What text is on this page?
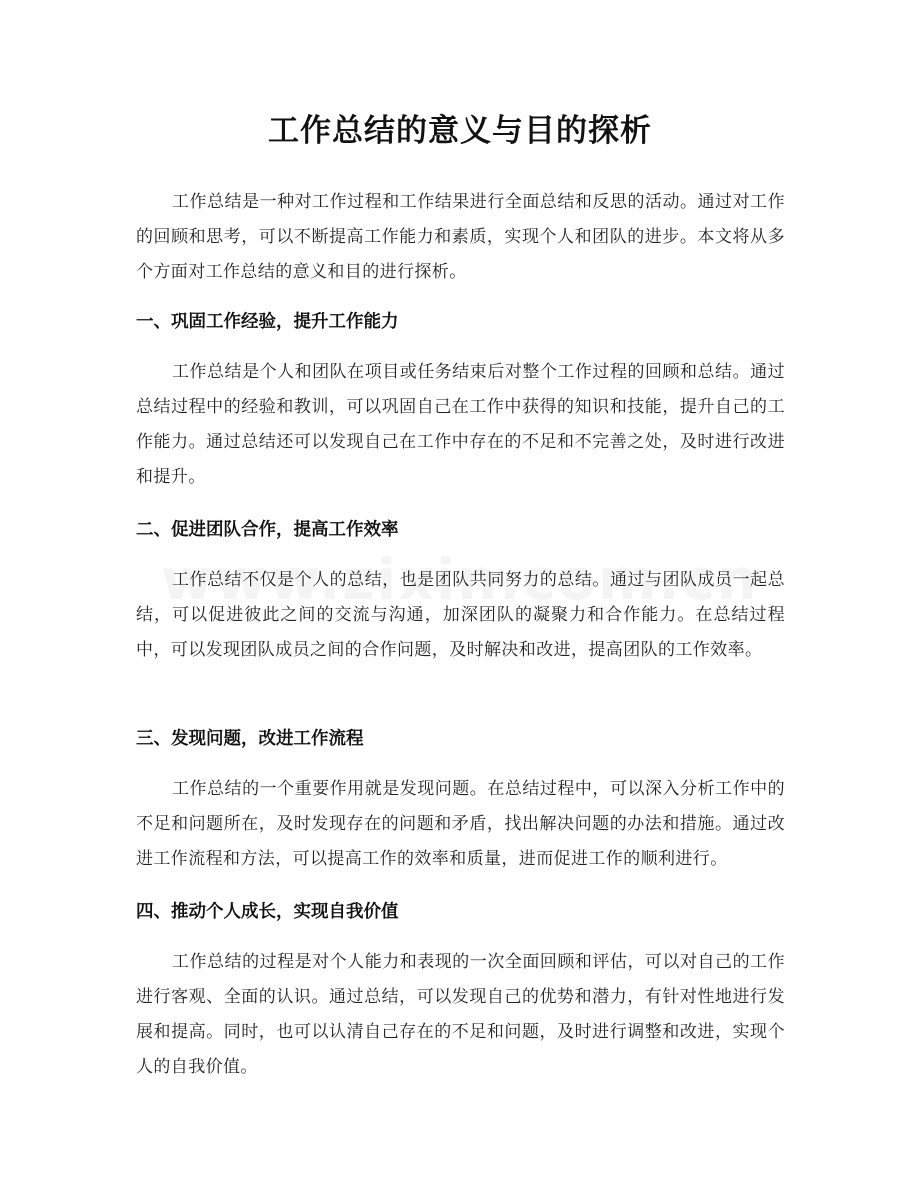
工作总结的意义与目的探析

工作总结是一种对工作过程和工作结果进行全面总结和反思的活动。通过对工作的回顾和思考，可以不断提高工作能力和素质，实现个人和团队的进步。本文将从多个方面对工作总结的意义和目的进行探析。

一、巩固工作经验，提升工作能力

工作总结是个人和团队在项目或任务结束后对整个工作过程的回顾和总结。通过总结过程中的经验和教训，可以巩固自己在工作中获得的知识和技能，提升自己的工作能力。通过总结还可以发现自己在工作中存在的不足和不完善之处，及时进行改进和提升。

二、促进团队合作，提高工作效率

工作总结不仅是个人的总结，也是团队共同努力的总结。通过与团队成员一起总结，可以促进彼此之间的交流与沟通，加深团队的凝聚力和合作能力。在总结过程中，可以发现团队成员之间的合作问题，及时解决和改进，提高团队的工作效率。

三、发现问题，改进工作流程

工作总结的一个重要作用就是发现问题。在总结过程中，可以深入分析工作中的不足和问题所在，及时发现存在的问题和矛盾，找出解决问题的办法和措施。通过改进工作流程和方法，可以提高工作的效率和质量，进而促进工作的顺利进行。

四、推动个人成长，实现自我价值

工作总结的过程是对个人能力和表现的一次全面回顾和评估，可以对自己的工作进行客观、全面的认识。通过总结，可以发现自己的优势和潜力，有针对性地进行发展和提高。同时，也可以认清自己存在的不足和问题，及时进行调整和改进，实现个人的自我价值。
